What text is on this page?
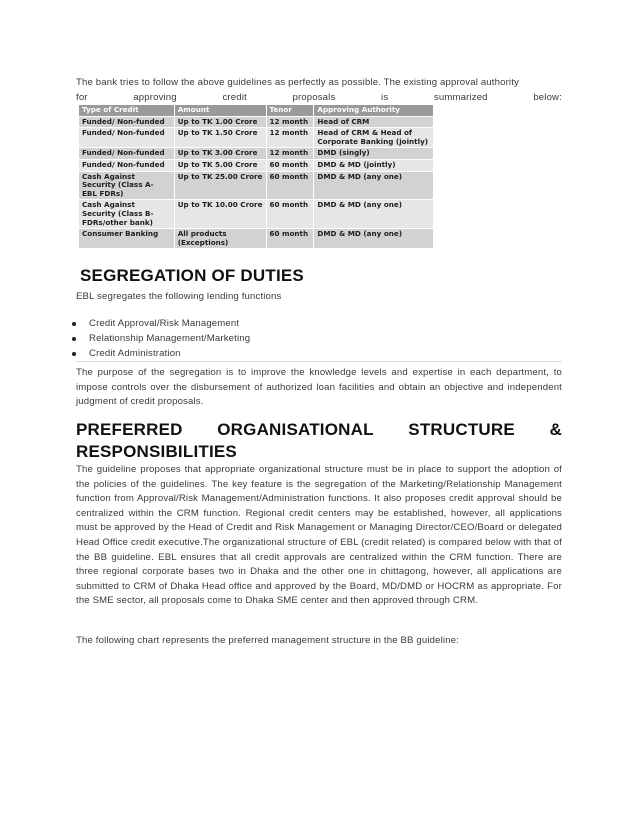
The bank tries to follow the above guidelines as perfectly as possible. The existing approval authority

for	approving	credit	proposals	is	summarized	below:
Type of Credit	Amount	Tenor	Approving Authority
Funded/ Non-funded	Up to TK 1.00 Crore	12 month	Head of CRM
Funded/ Non-funded	Up to TK 1.50 Crore	12 month	Head of CRM & Head of Corporate Banking (jointly)
Funded/ Non-funded	Up to TK 3.00 Crore	12 month	DMD (singly)
Funded/ Non-funded	Up to TK 5.00 Crore	60 month	DMD & MD (jointly)
Cash Against Security (Class A- EBL FDRs)	Up to TK 25.00 Crore	60 month	DMD & MD (any one)
Cash Against Security (Class B- FDRs/other bank)	Up to TK 10.00 Crore	60 month	DMD & MD (any one)
Consumer Banking	All products (Exceptions)	60 month	DMD & MD (any one)
SEGREGATION OF DUTIES

EBL segregates the following lending functions

Credit Approval/Risk Management
Relationship Management/Marketing
Credit Administration

The purpose of the segregation is to improve the knowledge levels and expertise in each department, to impose controls over the disbursement of authorized loan facilities and obtain an objective and independent judgment of credit proposals.

PREFERRED ORGANISATIONAL STRUCTURE &
RESPONSIBILITIES

The guideline proposes that appropriate organizational structure must be in place to support the adoption of the policies of the guidelines. The key feature is the segregation of the Marketing/Relationship Management function from Approval/Risk Management/Administration functions. It also proposes credit approval should be centralized within the CRM function. Regional credit centers may be established, however, all applications must be approved by the Head of Credit and Risk Management or Managing Director/CEO/Board or delegated Head Office credit executive.The organizational structure of EBL (credit related) is compared below with that of the BB guideline. EBL ensures that all credit approvals are centralized within the CRM function. There are three regional corporate bases two in Dhaka and the other one in chittagong, however, all applications are submitted to CRM of Dhaka Head office and approved by the Board, MD/DMD or HOCRM as appropriate. For the SME sector, all proposals come to Dhaka SME center and then approved through CRM.

The following chart represents the preferred management structure in the BB guideline:
